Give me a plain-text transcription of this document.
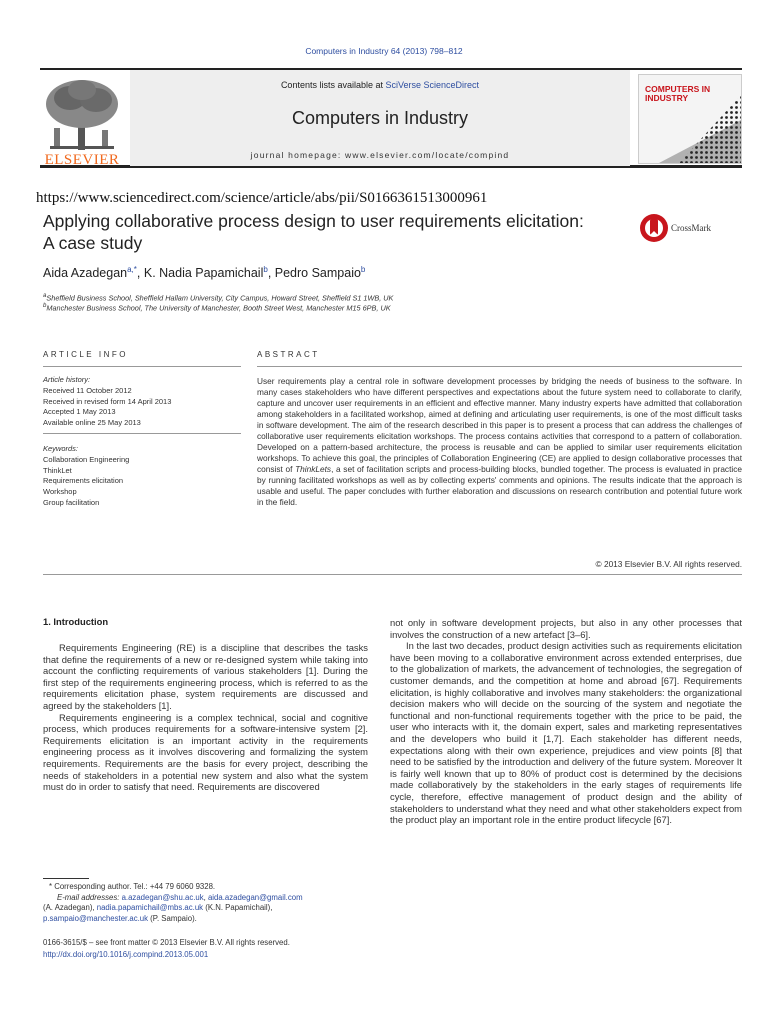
Computers in Industry 64 (2013) 798–812
ELSEVIER
Contents lists available at SciVerse ScienceDirect
Computers in Industry
journal homepage: www.elsevier.com/locate/compind
COMPUTERS IN
INDUSTRY
https://www.sciencedirect.com/science/article/abs/pii/S0166361513000961
Applying collaborative process design to user requirements elicitation:
A case study
CrossMark
Aida Azadegan$^{a,*}$, K. Nadia Papamichail$^b$, Pedro Sampaio$^b$
$^a$Sheffield Business School, Sheffield Hallam University, City Campus, Howard Street, Sheffield S1 1WB, UK
$^b$Manchester Business School, The University of Manchester, Booth Street West, Manchester M15 6PB, UK
ARTICLE INFO	ABSTRACT
Article history:
Received 11 October 2012
Received in revised form 14 April 2013
Accepted 1 May 2013
Available online 25 May 2013
Keywords:
Collaboration Engineering
ThinkLet
Requirements elicitation
Workshop
Group facilitation
User requirements play a central role in software development processes by bridging the needs of business to the software. In many cases stakeholders who have different perspectives and expectations about the future system need to collaborate to clarify, capture and uncover user requirements in an efficient and effective manner. Many industry experts have admitted that collaboration among stakeholders in a facilitated workshop, aimed at defining and articulating user requirements, is one of the most difficult tasks in software development. The aim of the research described in this paper is to present a process that can address the challenges of collaborative user requirements elicitation workshops. The process contains activities that correspond to a pattern of collaboration. Developed on a pattern-based architecture, the process is reusable and can be applied to similar user requirements elicitation workshops. To achieve this goal, the principles of Collaboration Engineering (CE) are applied to design collaborative processes that consist of ThinkLets, a set of facilitation scripts and process-building blocks, bundled together. The process is evaluated in practice by running facilitated workshops as well as by collecting experts' comments and opinions. The results indicate that the approach is usable and useful. The paper concludes with further elaboration and discussions on research contribution and potential future work in the field.
© 2013 Elsevier B.V. All rights reserved.
1. Introduction

Requirements Engineering (RE) is a discipline that describes the tasks that define the requirements of a new or re-designed system while taking into account the conflicting requirements of various stakeholders [1]. During the first step of the requirements engineering process, which is referred to as the requirements elicitation phase, system requirements are discussed and agreed by the stakeholders [1].

Requirements engineering is a complex technical, social and cognitive process, which produces requirements for a software-intensive system [2]. Requirements elicitation is an important activity in the requirements engineering process as it involves discovering and formalizing the system requirements. Requirements are the basis for every project, describing the needs of stakeholders in a potential new system and also what the system must do in order to satisfy that need. Requirements are discovered

not only in software development projects, but also in any other processes that involves the construction of a new artefact [3–6].

In the last two decades, product design activities such as requirements elicitation have been moving to a collaborative environment across extended enterprises, due to the globalization of markets, the advancement of technologies, the segregation of customer demands, and the competition at home and abroad [67]. Requirements elicitation, is highly collaborative and involves many stakeholders: the organizational decision makers who will decide on the sourcing of the system and negotiate the functional and non-functional requirements together with the price to be paid, the user who interacts with it, the domain expert, sales and marketing representatives and the developers who build it [1,7]. Each stakeholder has different needs, expectations along with their own experience, prejudices and view points [8] that need to be satisfied by the introduction and delivery of the future system. Moreover It is fairly well known that up to 80% of product cost is determined by the decisions made collaboratively by the stakeholders in the early stages of requirements life cycle, therefore, effective management of product design and the ability of stakeholders to understand what they need and what other stakeholders expect from the product play an important role in the entire product lifecycle [67].

* Corresponding author. Tel.: +44 79 6060 9328.
E-mail addresses: a.azadegan@shu.ac.uk, aida.azadegan@gmail.com
(A. Azadegan), nadia.papamichail@mbs.ac.uk (K.N. Papamichail),
p.sampaio@manchester.ac.uk (P. Sampaio).
0166-3615/$ – see front matter © 2013 Elsevier B.V. All rights reserved.
http://dx.doi.org/10.1016/j.compind.2013.05.001
